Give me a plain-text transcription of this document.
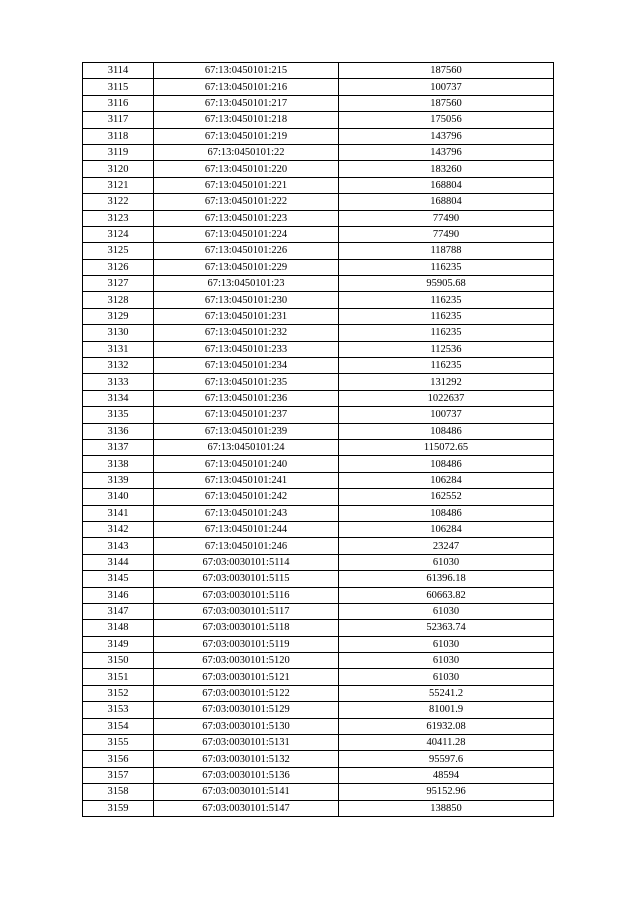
3114	67:13:0450101:215	187560
3115	67:13:0450101:216	100737
3116	67:13:0450101:217	187560
3117	67:13:0450101:218	175056
3118	67:13:0450101:219	143796
3119	67:13:0450101:22	143796
3120	67:13:0450101:220	183260
3121	67:13:0450101:221	168804
3122	67:13:0450101:222	168804
3123	67:13:0450101:223	77490
3124	67:13:0450101:224	77490
3125	67:13:0450101:226	118788
3126	67:13:0450101:229	116235
3127	67:13:0450101:23	95905.68
3128	67:13:0450101:230	116235
3129	67:13:0450101:231	116235
3130	67:13:0450101:232	116235
3131	67:13:0450101:233	112536
3132	67:13:0450101:234	116235
3133	67:13:0450101:235	131292
3134	67:13:0450101:236	1022637
3135	67:13:0450101:237	100737
3136	67:13:0450101:239	108486
3137	67:13:0450101:24	115072.65
3138	67:13:0450101:240	108486
3139	67:13:0450101:241	106284
3140	67:13:0450101:242	162552
3141	67:13:0450101:243	108486
3142	67:13:0450101:244	106284
3143	67:13:0450101:246	23247
3144	67:03:0030101:5114	61030
3145	67:03:0030101:5115	61396.18
3146	67:03:0030101:5116	60663.82
3147	67:03:0030101:5117	61030
3148	67:03:0030101:5118	52363.74
3149	67:03:0030101:5119	61030
3150	67:03:0030101:5120	61030
3151	67:03:0030101:5121	61030
3152	67:03:0030101:5122	55241.2
3153	67:03:0030101:5129	81001.9
3154	67:03:0030101:5130	61932.08
3155	67:03:0030101:5131	40411.28
3156	67:03:0030101:5132	95597.6
3157	67:03:0030101:5136	48594
3158	67:03:0030101:5141	95152.96
3159	67:03:0030101:5147	138850
